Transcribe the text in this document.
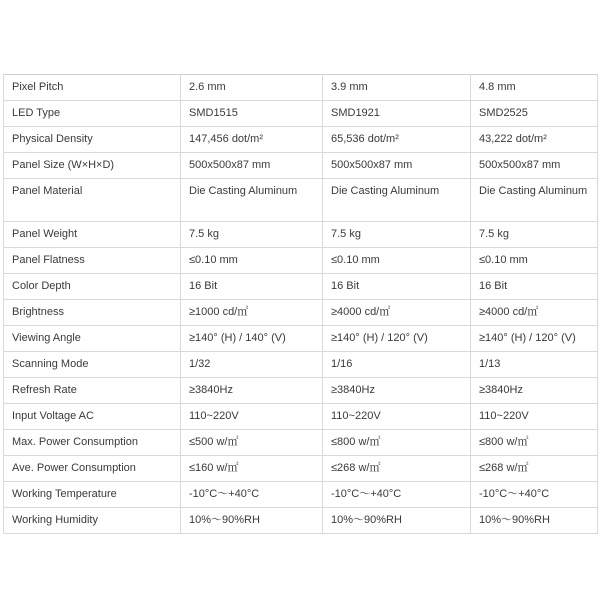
Pixel Pitch	2.6 mm	3.9 mm	4.8 mm
LED Type	SMD1515	SMD1921	SMD2525
Physical Density	147,456 dot/m²	65,536 dot/m²	43,222 dot/m²
Panel Size (W×H×D)	500x500x87 mm	500x500x87 mm	500x500x87 mm
Panel Material	Die Casting Aluminum	Die Casting Aluminum	Die Casting Aluminum
Panel Weight	7.5 kg	7.5 kg	7.5 kg
Panel Flatness	≤0.10 mm	≤0.10 mm	≤0.10 mm
Color Depth	16 Bit	16 Bit	16 Bit
Brightness	≥1000 cd/㎡	≥4000 cd/㎡	≥4000 cd/㎡
Viewing Angle	≥140° (H) / 140° (V)	≥140° (H) / 120° (V)	≥140° (H) / 120° (V)
Scanning Mode	1/32	1/16	1/13
Refresh Rate	≥3840Hz	≥3840Hz	≥3840Hz
Input Voltage AC	110~220V	110~220V	110~220V
Max. Power Consumption	≤500 w/㎡	≤800 w/㎡	≤800 w/㎡
Ave. Power Consumption	≤160 w/㎡	≤268 w/㎡	≤268 w/㎡
Working Temperature	-10°C～+40°C	-10°C～+40°C	-10°C～+40°C
Working Humidity	10%～90%RH	10%～90%RH	10%～90%RH
